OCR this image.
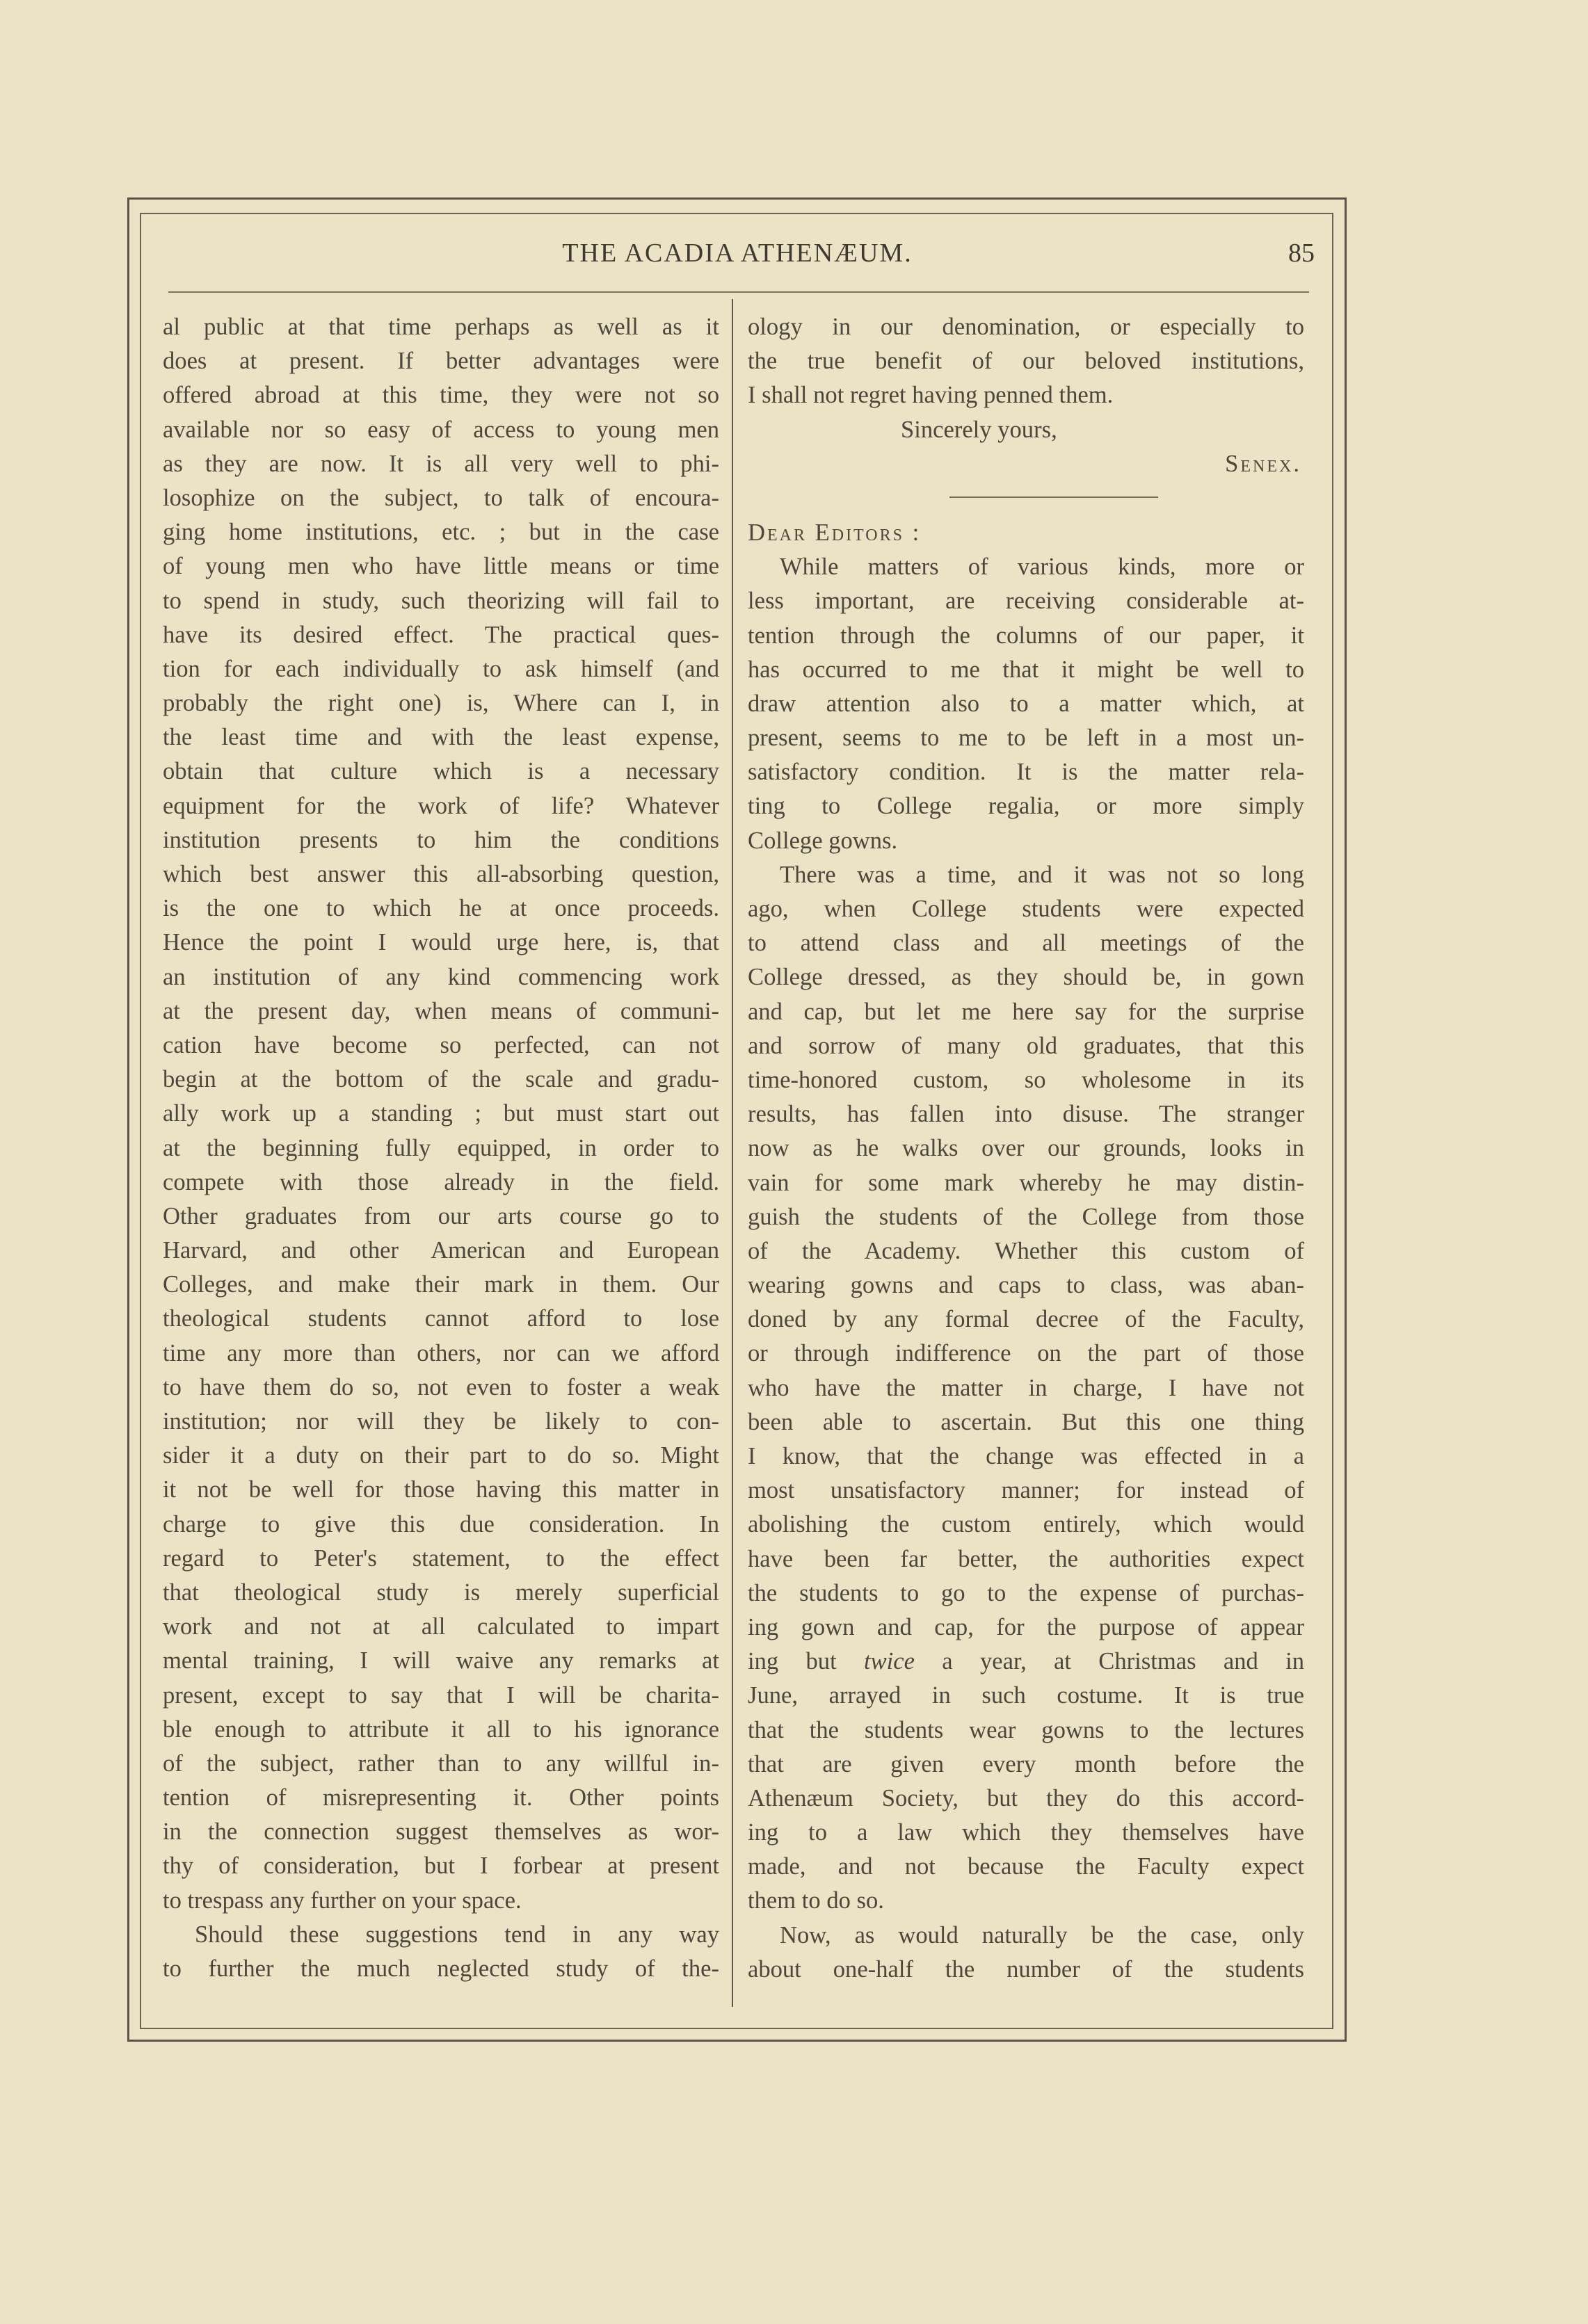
THE ACADIA ATHENÆUM.	85
al public at that time perhaps as well as it
does at present. If better advantages were
offered abroad at this time, they were not so
available nor so easy of access to young men
as they are now. It is all very well to phi-
losophize on the subject, to talk of encoura-
ging home institutions, etc. ; but in the case
of young men who have little means or time
to spend in study, such theorizing will fail to
have its desired effect. The practical ques-
tion for each individually to ask himself (and
probably the right one) is, Where can I, in
the least time and with the least expense,
obtain that culture which is a necessary
equipment for the work of life? Whatever
institution presents to him the conditions
which best answer this all-absorbing question,
is the one to which he at once proceeds.
Hence the point I would urge here, is, that
an institution of any kind commencing work
at the present day, when means of communi-
cation have become so perfected, can not
begin at the bottom of the scale and gradu-
ally work up a standing ; but must start out
at the beginning fully equipped, in order to
compete with those already in the field.
Other graduates from our arts course go to
Harvard, and other American and European
Colleges, and make their mark in them. Our
theological students cannot afford to lose
time any more than others, nor can we afford
to have them do so, not even to foster a weak
institution; nor will they be likely to con-
sider it a duty on their part to do so. Might
it not be well for those having this matter in
charge to give this due consideration. In
regard to Peter's statement, to the effect
that theological study is merely superficial
work and not at all calculated to impart
mental training, I will waive any remarks at
present, except to say that I will be charita-
ble enough to attribute it all to his ignorance
of the subject, rather than to any willful in-
tention of misrepresenting it. Other points
in the connection suggest themselves as wor-
thy of consideration, but I forbear at present
to trespass any further on your space.
Should these suggestions tend in any way
to further the much neglected study of the-
ology in our denomination, or especially to
the true benefit of our beloved institutions,
I shall not regret having penned them.
Sincerely yours,
Senex.
Dear Editors :
While matters of various kinds, more or
less important, are receiving considerable at-
tention through the columns of our paper, it
has occurred to me that it might be well to
draw attention also to a matter which, at
present, seems to me to be left in a most un-
satisfactory condition. It is the matter rela-
ting to College regalia, or more simply
College gowns.
There was a time, and it was not so long
ago, when College students were expected
to attend class and all meetings of the
College dressed, as they should be, in gown
and cap, but let me here say for the surprise
and sorrow of many old graduates, that this
time-honored custom, so wholesome in its
results, has fallen into disuse. The stranger
now as he walks over our grounds, looks in
vain for some mark whereby he may distin-
guish the students of the College from those
of the Academy. Whether this custom of
wearing gowns and caps to class, was aban-
doned by any formal decree of the Faculty,
or through indifference on the part of those
who have the matter in charge, I have not
been able to ascertain. But this one thing
I know, that the change was effected in a
most unsatisfactory manner; for instead of
abolishing the custom entirely, which would
have been far better, the authorities expect
the students to go to the expense of purchas-
ing gown and cap, for the purpose of appear
ing but twice a year, at Christmas and in
June, arrayed in such costume. It is true
that the students wear gowns to the lectures
that are given every month before the
Athenæum Society, but they do this accord-
ing to a law which they themselves have
made, and not because the Faculty expect
them to do so.
Now, as would naturally be the case, only
about one-half the number of the students
